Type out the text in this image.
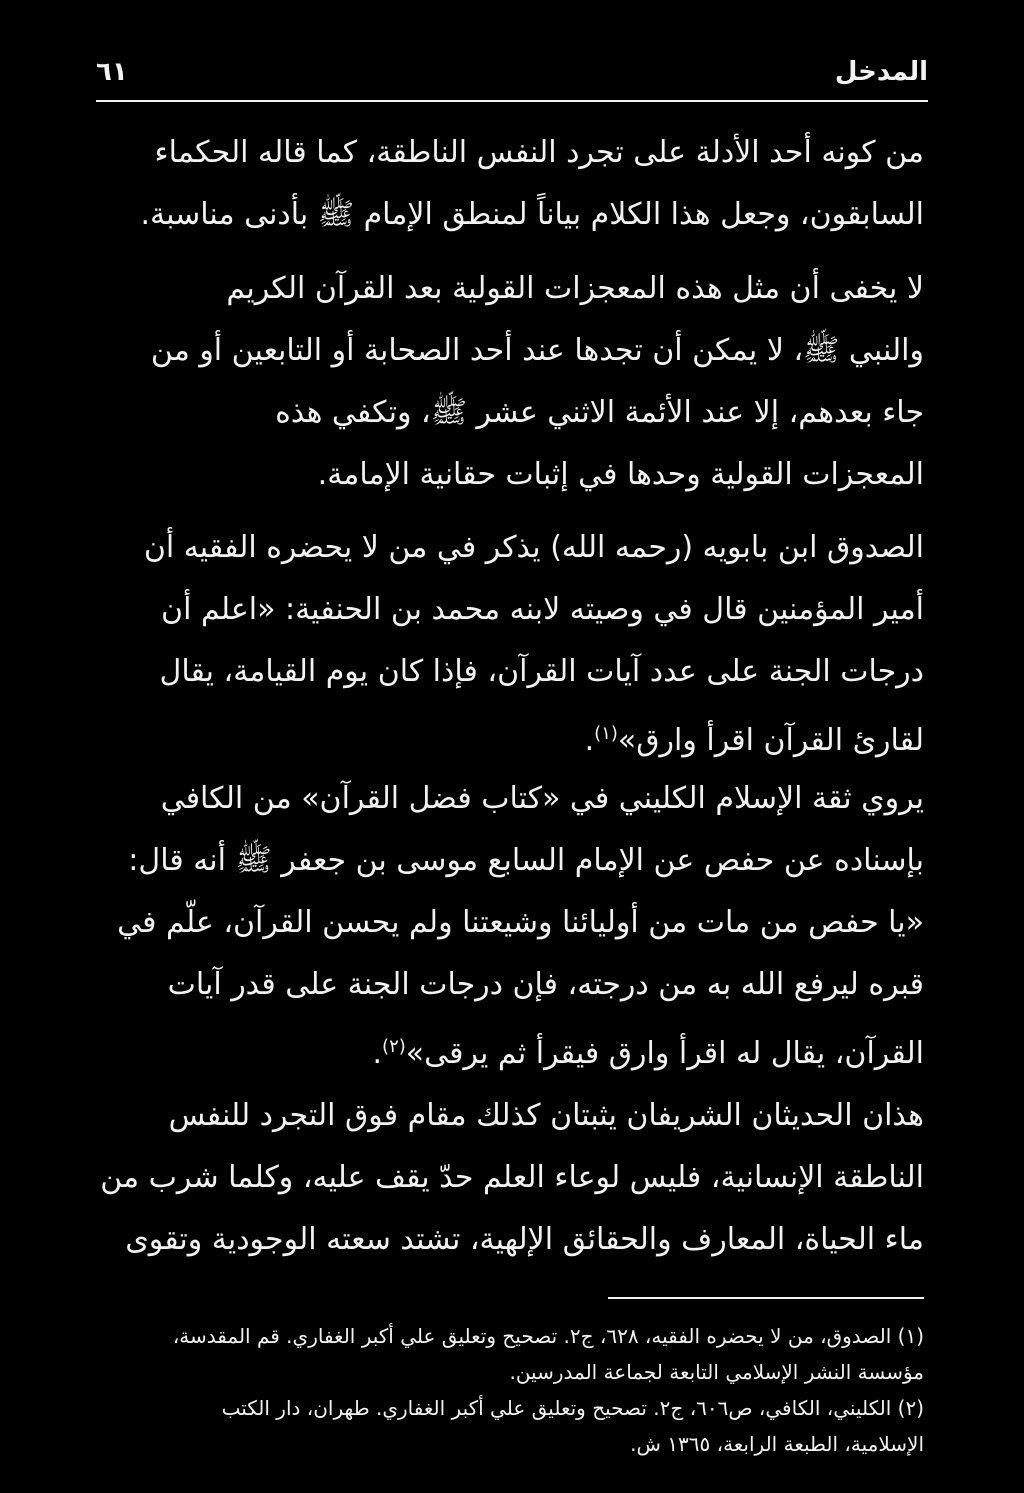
٦١	المدخل
من كونه أحد الأدلة على تجرد النفس الناطقة، كما قاله الحكماء
السابقون، وجعل هذا الكلام بياناً لمنطق الإمام ﷺ بأدنى مناسبة.
لا يخفى أن مثل هذه المعجزات القولية بعد القرآن الكريم
والنبي ﷺ، لا يمكن أن تجدها عند أحد الصحابة أو التابعين أو من
جاء بعدهم، إلا عند الأئمة الاثني عشر ﷺ، وتكفي هذه
المعجزات القولية وحدها في إثبات حقانية الإمامة.
الصدوق ابن بابويه (رحمه الله) يذكر في من لا يحضره الفقيه أن
أمير المؤمنين قال في وصيته لابنه محمد بن الحنفية: «اعلم أن
درجات الجنة على عدد آيات القرآن، فإذا كان يوم القيامة، يقال
لقارئ القرآن اقرأ وارق»$^{(١)}$.
يروي ثقة الإسلام الكليني في «كتاب فضل القرآن» من الكافي
بإسناده عن حفص عن الإمام السابع موسى بن جعفر ﷺ أنه قال:
«يا حفص من مات من أوليائنا وشيعتنا ولم يحسن القرآن، علّم في
قبره ليرفع الله به من درجته، فإن درجات الجنة على قدر آيات
القرآن، يقال له اقرأ وارق فيقرأ ثم يرقى»$^{(٢)}$.
هذان الحديثان الشريفان يثبتان كذلك مقام فوق التجرد للنفس
الناطقة الإنسانية، فليس لوعاء العلم حدّ يقف عليه، وكلما شرب من
ماء الحياة، المعارف والحقائق الإلهية، تشتد سعته الوجودية وتقوى
(١) الصدوق، من لا يحضره الفقيه، ٦٢٨، ج٢. تصحيح وتعليق علي أكبر الغفاري. قم المقدسة،
مؤسسة النشر الإسلامي التابعة لجماعة المدرسين.
(٢) الكليني، الكافي، ص٦٠٦، ج٢. تصحيح وتعليق علي أكبر الغفاري. طهران، دار الكتب
الإسلامية، الطبعة الرابعة، ١٣٦٥ ش.
